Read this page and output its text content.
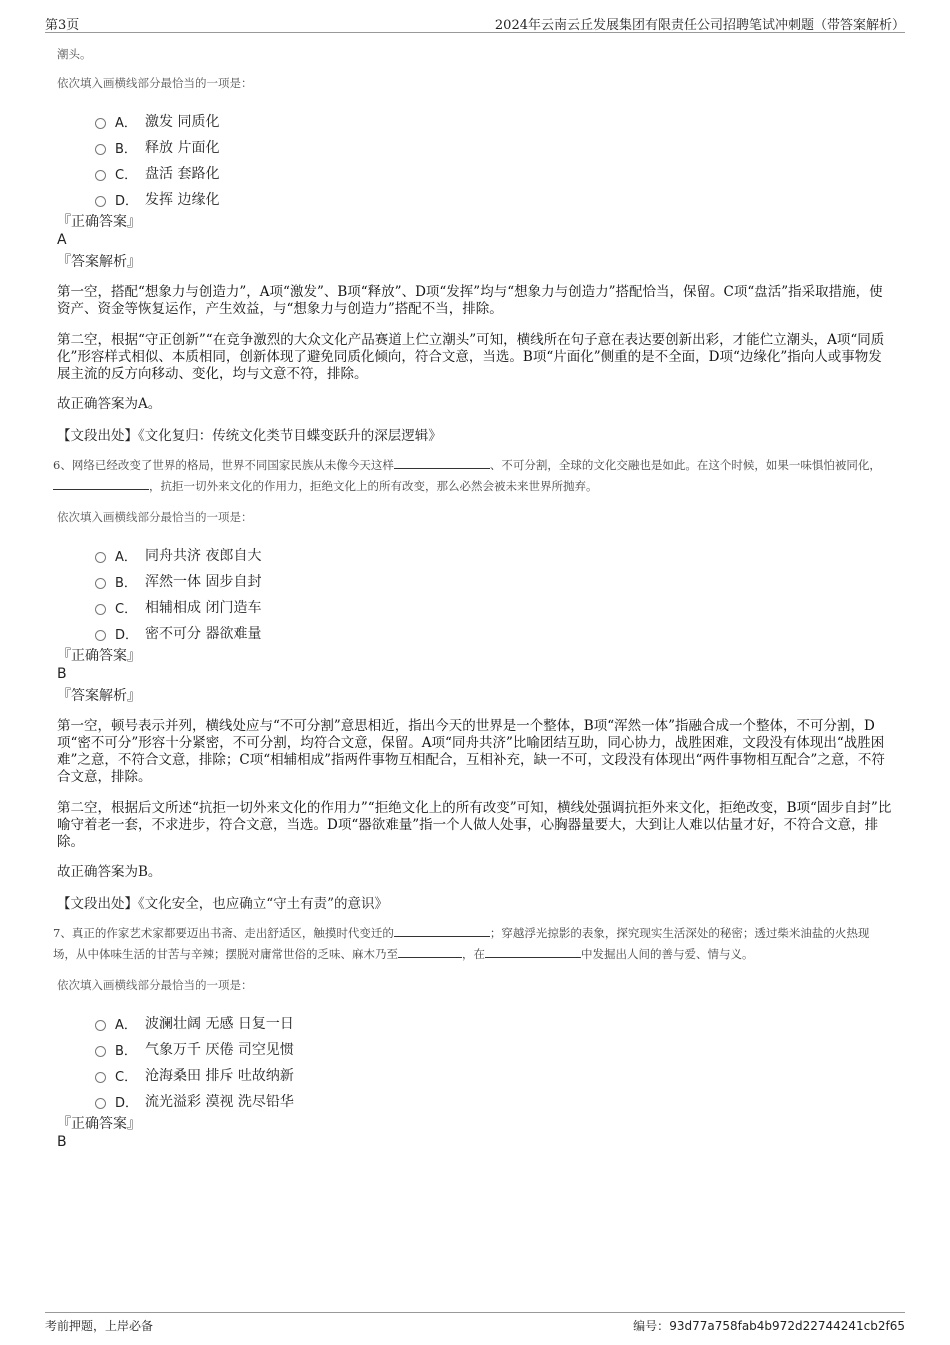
第3页	2024年云南云丘发展集团有限责任公司招聘笔试冲刺题（带答案解析）
潮头。
依次填入画横线部分最恰当的一项是：
A． 激发 同质化
B． 释放 片面化
C． 盘活 套路化
D． 发挥 边缘化
『正确答案』
A
『答案解析』

第一空，搭配“想象力与创造力”，A项“激发”、B项“释放”、D项“发挥”均与“想象力与创造力”搭配恰当，保留。C项“盘活”指采取措施，使资产、资金等恢复运作，产生效益，与“想象力与创造力”搭配不当，排除。

第二空，根据“守正创新”“在竞争激烈的大众文化产品赛道上伫立潮头”可知，横线所在句子意在表达要创新出彩，才能伫立潮头，A项“同质化”形容样式相似、本质相同，创新体现了避免同质化倾向，符合文意，当选。B项“片面化”侧重的是不全面，D项“边缘化”指向人或事物发展主流的反方向移动、变化，均与文意不符，排除。

故正确答案为A。
【文段出处】《文化复归：传统文化类节目蝶变跃升的深层逻辑》

6、网络已经改变了世界的格局，世界不同国家民族从未像今天这样	、不可分割，全球的文化交融也是如此。在这个时候，如果一味惧怕被同化，，抗拒一切外来文化的作用力，拒绝文化上的所有改变，那么必然会被未来世界所抛弃。

依次填入画横线部分最恰当的一项是：
A． 同舟共济 夜郎自大
B． 浑然一体 固步自封
C． 相辅相成 闭门造车
D． 密不可分 器欲难量
『正确答案』
B
『答案解析』

第一空，顿号表示并列，横线处应与“不可分割”意思相近，指出今天的世界是一个整体，B项“浑然一体”指融合成一个整体，不可分割，D项“密不可分”形容十分紧密，不可分割，均符合文意，保留。A项“同舟共济”比喻团结互助，同心协力，战胜困难，文段没有体现出“战胜困难”之意，不符合文意，排除；C项“相辅相成”指两件事物互相配合，互相补充，缺一不可，文段没有体现出“两件事物相互配合”之意，不符合文意，排除。

第二空，根据后文所述“抗拒一切外来文化的作用力”“拒绝文化上的所有改变”可知，横线处强调抗拒外来文化，拒绝改变，B项“固步自封”比喻守着老一套，不求进步，符合文意，当选。D项“器欲难量”指一个人做人处事，心胸器量要大，大到让人难以估量才好，不符合文意，排除。

故正确答案为B。
【文段出处】《文化安全，也应确立“守土有责”的意识》

7、真正的作家艺术家都要迈出书斋、走出舒适区，触摸时代变迁的	；穿越浮光掠影的表象，探究现实生活深处的秘密；透过柴米油盐的火热现场，从中体味生活的甘苦与辛辣；摆脱对庸常世俗的乏味、麻木乃至	，在	中发掘出人间的善与爱、情与义。

依次填入画横线部分最恰当的一项是：
A． 波澜壮阔 无感 日复一日
B． 气象万千 厌倦 司空见惯
C． 沧海桑田 排斥 吐故纳新
D． 流光溢彩 漠视 洗尽铅华
『正确答案』
B
考前押题，上岸必备	编号：93d77a758fab4b972d22744241cb2f65
